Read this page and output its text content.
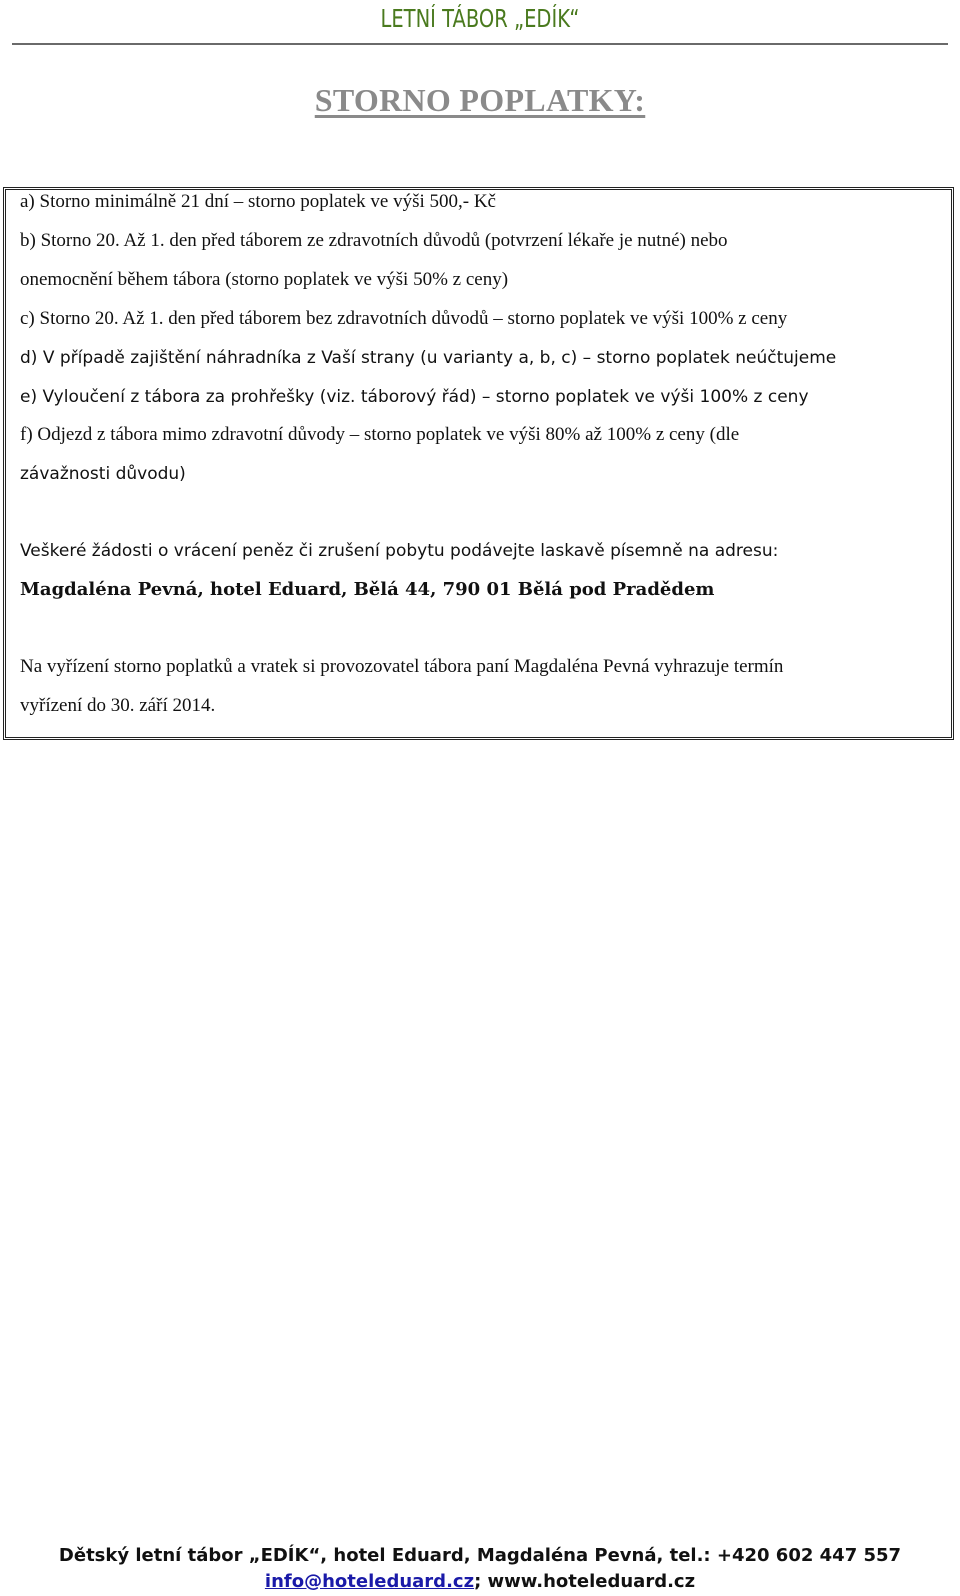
LETNÍ TÁBOR „EDÍK“
STORNO POPLATKY:
a) Storno minimálně 21 dní – storno poplatek ve výši 500,- Kč
b) Storno 20. Až 1. den před táborem ze zdravotních důvodů (potvrzení lékaře je nutné) nebo
onemocnění během tábora (storno poplatek ve výši 50% z ceny)
c) Storno 20. Až 1. den před táborem bez zdravotních důvodů – storno poplatek ve výši 100% z ceny
d) V případě zajištění náhradníka z Vaší strany (u varianty a, b, c) – storno poplatek neúčtujeme
e) Vyloučení z tábora za prohřešky (viz. táborový řád) – storno poplatek ve výši 100% z ceny
f) Odjezd z tábora mimo zdravotní důvody – storno poplatek ve výši 80% až 100% z ceny (dle
závažnosti důvodu)
Veškeré žádosti o vrácení peněz či zrušení pobytu podávejte laskavě písemně na adresu:
Magdaléna Pevná, hotel Eduard, Bělá 44, 790 01 Bělá pod Pradědem
Na vyřízení storno poplatků a vratek si provozovatel tábora paní Magdaléna Pevná vyhrazuje termín
vyřízení do 30. září 2014.
Dětský letní tábor „EDÍK“, hotel Eduard, Magdaléna Pevná, tel.: +420 602 447 557
info@hoteleduard.cz; www.hoteleduard.cz
